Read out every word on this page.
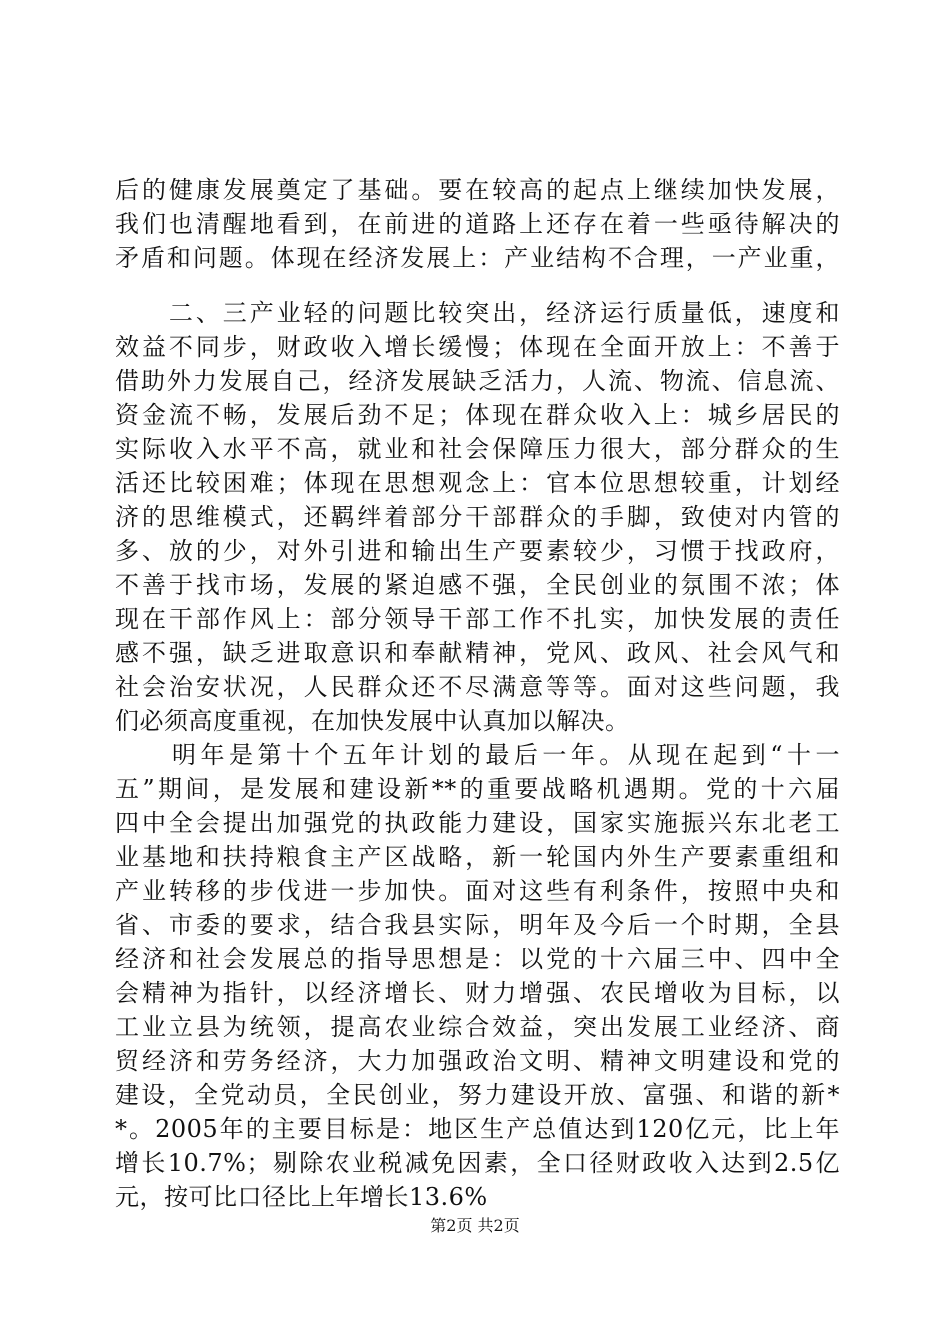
后的健康发展奠定了基础。要在较高的起点上继续加快发展，
我们也清醒地看到，在前进的道路上还存在着一些亟待解决的
矛盾和问题。体现在经济发展上：产业结构不合理，一产业重，
　　二、三产业轻的问题比较突出，经济运行质量低，速度和
效益不同步，财政收入增长缓慢；体现在全面开放上：不善于
借助外力发展自己，经济发展缺乏活力，人流、物流、信息流、
资金流不畅，发展后劲不足；体现在群众收入上：城乡居民的
实际收入水平不高，就业和社会保障压力很大，部分群众的生
活还比较困难；体现在思想观念上：官本位思想较重，计划经
济的思维模式，还羁绊着部分干部群众的手脚，致使对内管的
多、放的少，对外引进和输出生产要素较少，习惯于找政府，
不善于找市场，发展的紧迫感不强，全民创业的氛围不浓；体
现在干部作风上：部分领导干部工作不扎实，加快发展的责任
感不强，缺乏进取意识和奉献精神，党风、政风、社会风气和
社会治安状况，人民群众还不尽满意等等。面对这些问题，我
们必须高度重视，在加快发展中认真加以解决。
　　明年是第十个五年计划的最后一年。从现在起到“十一
五”期间，是发展和建设新**的重要战略机遇期。党的十六届
四中全会提出加强党的执政能力建设，国家实施振兴东北老工
业基地和扶持粮食主产区战略，新一轮国内外生产要素重组和
产业转移的步伐进一步加快。面对这些有利条件，按照中央和
省、市委的要求，结合我县实际，明年及今后一个时期，全县
经济和社会发展总的指导思想是：以党的十六届三中、四中全
会精神为指针，以经济增长、财力增强、农民增收为目标，以
工业立县为统领，提高农业综合效益，突出发展工业经济、商
贸经济和劳务经济，大力加强政治文明、精神文明建设和党的
建设，全党动员，全民创业，努力建设开放、富强、和谐的新*
*。2005年的主要目标是：地区生产总值达到120亿元，比上年
增长10.7%；剔除农业税减免因素，全口径财政收入达到2.5亿
元，按可比口径比上年增长13.6%
第2页 共2页
